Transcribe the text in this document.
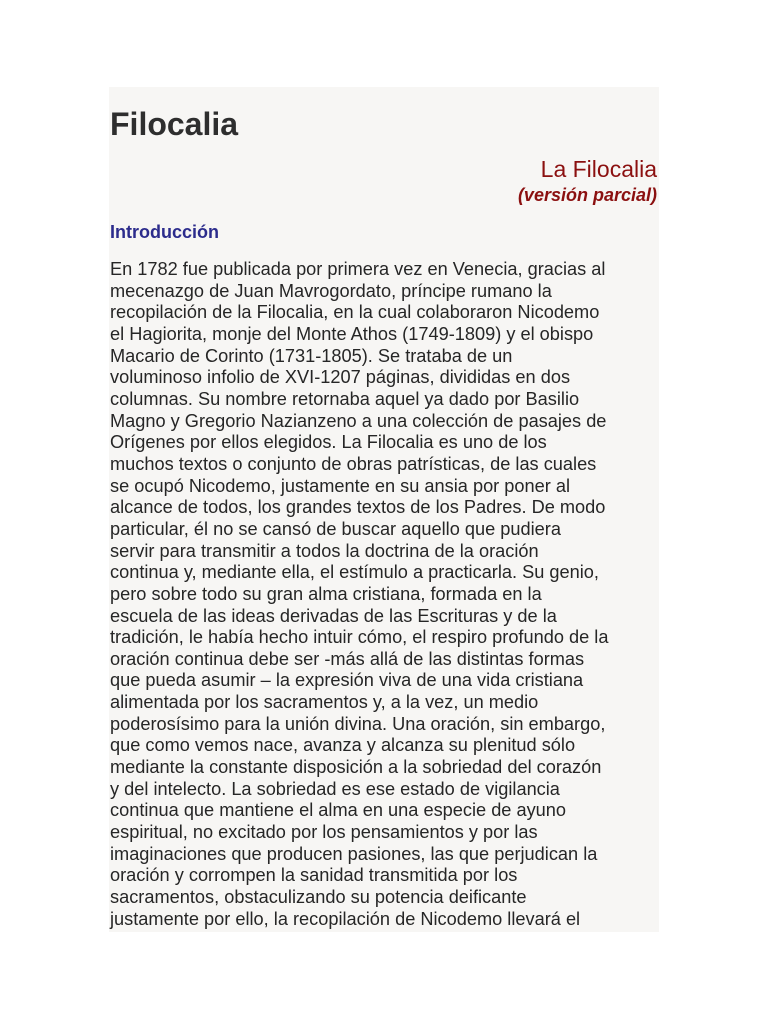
Filocalia
La Filocalia
(versión parcial)
Introducción

En 1782 fue publicada por primera vez en Venecia, gracias al
mecenazgo de Juan Mavrogordato, príncipe rumano la
recopilación de la Filocalia, en la cual colaboraron Nicodemo
el Hagiorita, monje del Monte Athos (1749-1809) y el obispo
Macario de Corinto (1731-1805). Se trataba de un
voluminoso infolio de XVI-1207 páginas, divididas en dos
columnas. Su nombre retornaba aquel ya dado por Basilio
Magno y Gregorio Nazianzeno a una colección de pasajes de
Orígenes por ellos elegidos. La Filocalia es uno de los
muchos textos o conjunto de obras patrísticas, de las cuales
se ocupó Nicodemo, justamente en su ansia por poner al
alcance de todos, los grandes textos de los Padres. De modo
particular, él no se cansó de buscar aquello que pudiera
servir para transmitir a todos la doctrina de la oración
continua y, mediante ella, el estímulo a practicarla. Su genio,
pero sobre todo su gran alma cristiana, formada en la
escuela de las ideas derivadas de las Escrituras y de la
tradición, le había hecho intuir cómo, el respiro profundo de la
oración continua debe ser -más allá de las distintas formas
que pueda asumir – la expresión viva de una vida cristiana
alimentada por los sacramentos y, a la vez, un medio
poderosísimo para la unión divina. Una oración, sin embargo,
que como vemos nace, avanza y alcanza su plenitud sólo
mediante la constante disposición a la sobriedad del corazón
y del intelecto. La sobriedad es ese estado de vigilancia
continua que mantiene el alma en una especie de ayuno
espiritual, no excitado por los pensamientos y por las
imaginaciones que producen pasiones, las que perjudican la
oración y corrompen la sanidad transmitida por los
sacramentos, obstaculizando su potencia deificante
justamente por ello, la recopilación de Nicodemo llevará el
